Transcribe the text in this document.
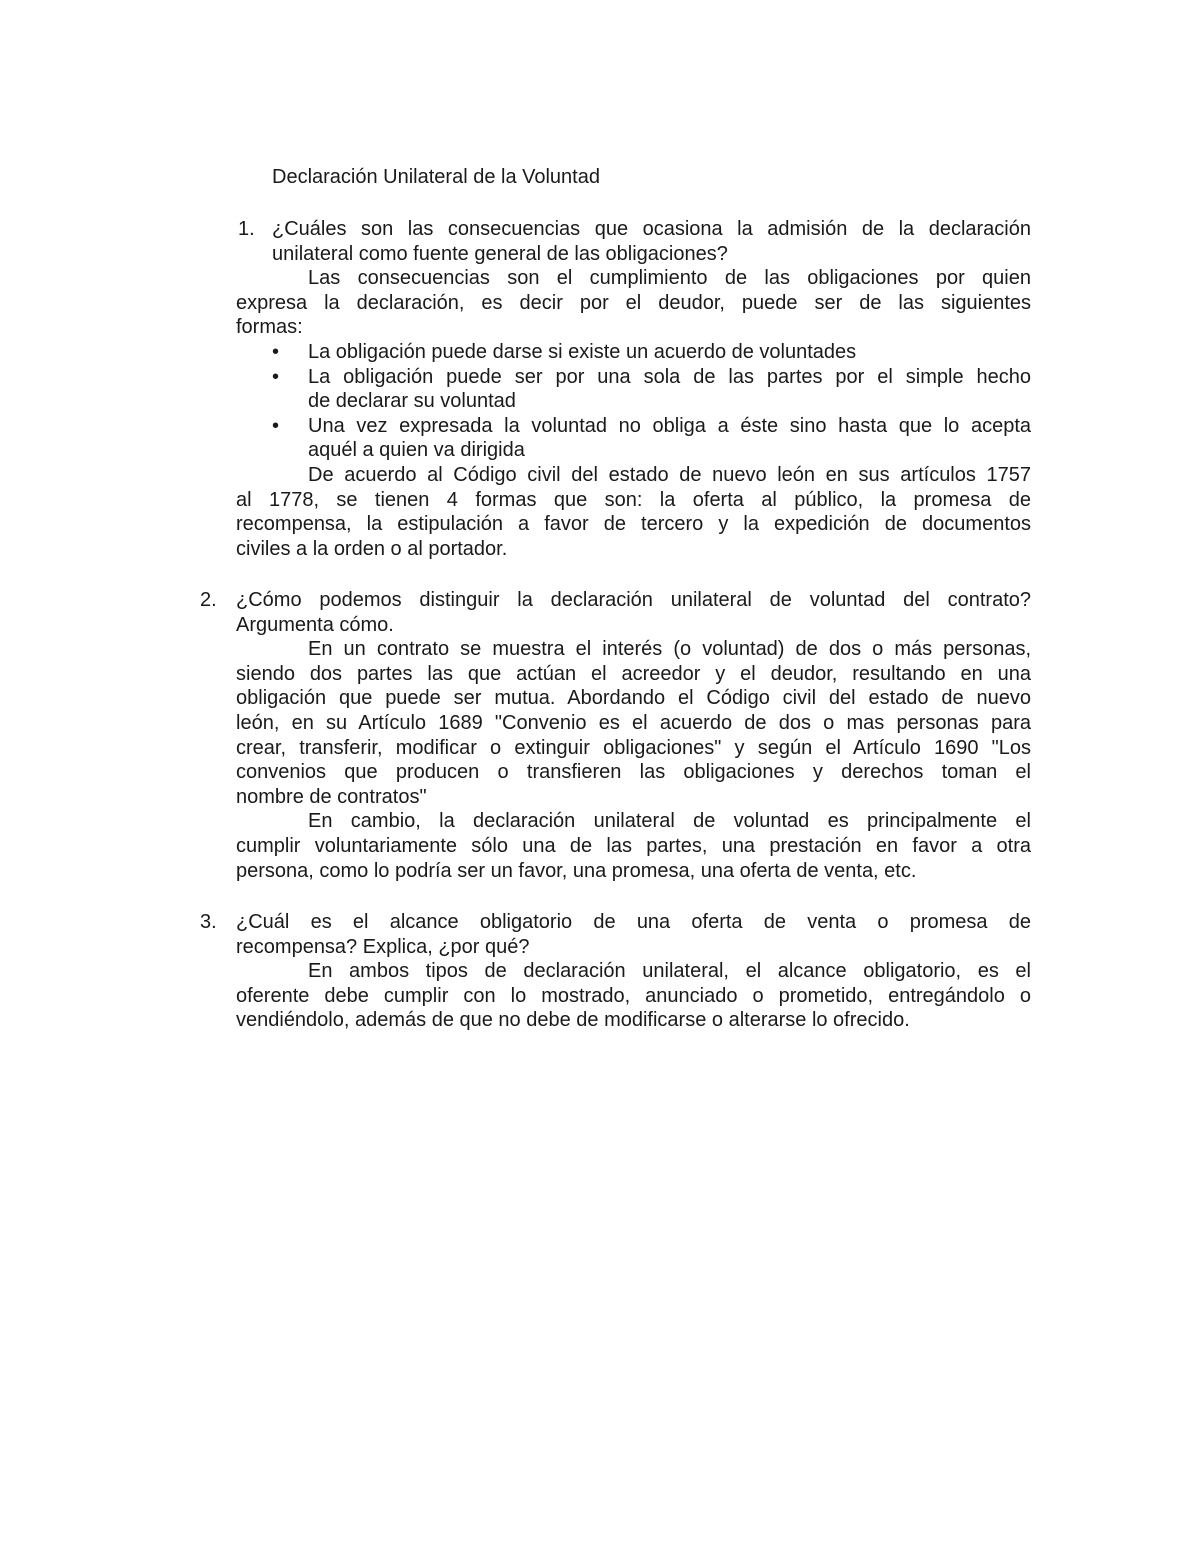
Declaración Unilateral de la Voluntad
1. ¿Cuáles son las consecuencias que ocasiona la admisión de la declaración
unilateral como fuente general de las obligaciones?
Las consecuencias son el cumplimiento de las obligaciones por quien
expresa la declaración, es decir por el deudor, puede ser de las siguientes
formas:
• La obligación puede darse si existe un acuerdo de voluntades
• La obligación puede ser por una sola de las partes por el simple hecho
de declarar su voluntad
• Una vez expresada la voluntad no obliga a éste sino hasta que lo acepta
aquél a quien va dirigida
De acuerdo al Código civil del estado de nuevo león en sus artículos 1757
al 1778, se tienen 4 formas que son: la oferta al público, la promesa de
recompensa, la estipulación a favor de tercero y la expedición de documentos
civiles a la orden o al portador.
2. ¿Cómo podemos distinguir la declaración unilateral de voluntad del contrato?
Argumenta cómo.
En un contrato se muestra el interés (o voluntad) de dos o más personas,
siendo dos partes las que actúan el acreedor y el deudor, resultando en una
obligación que puede ser mutua. Abordando el Código civil del estado de nuevo
león, en su Artículo 1689 "Convenio es el acuerdo de dos o mas personas para
crear, transferir, modificar o extinguir obligaciones" y según el Artículo 1690 "Los
convenios que producen o transfieren las obligaciones y derechos toman el
nombre de contratos"
En cambio, la declaración unilateral de voluntad es principalmente el
cumplir voluntariamente sólo una de las partes, una prestación en favor a otra
persona, como lo podría ser un favor, una promesa, una oferta de venta, etc.
3. ¿Cuál es el alcance obligatorio de una oferta de venta o promesa de
recompensa? Explica, ¿por qué?
En ambos tipos de declaración unilateral, el alcance obligatorio, es el
oferente debe cumplir con lo mostrado, anunciado o prometido, entregándolo o
vendiéndolo, además de que no debe de modificarse o alterarse lo ofrecido.
